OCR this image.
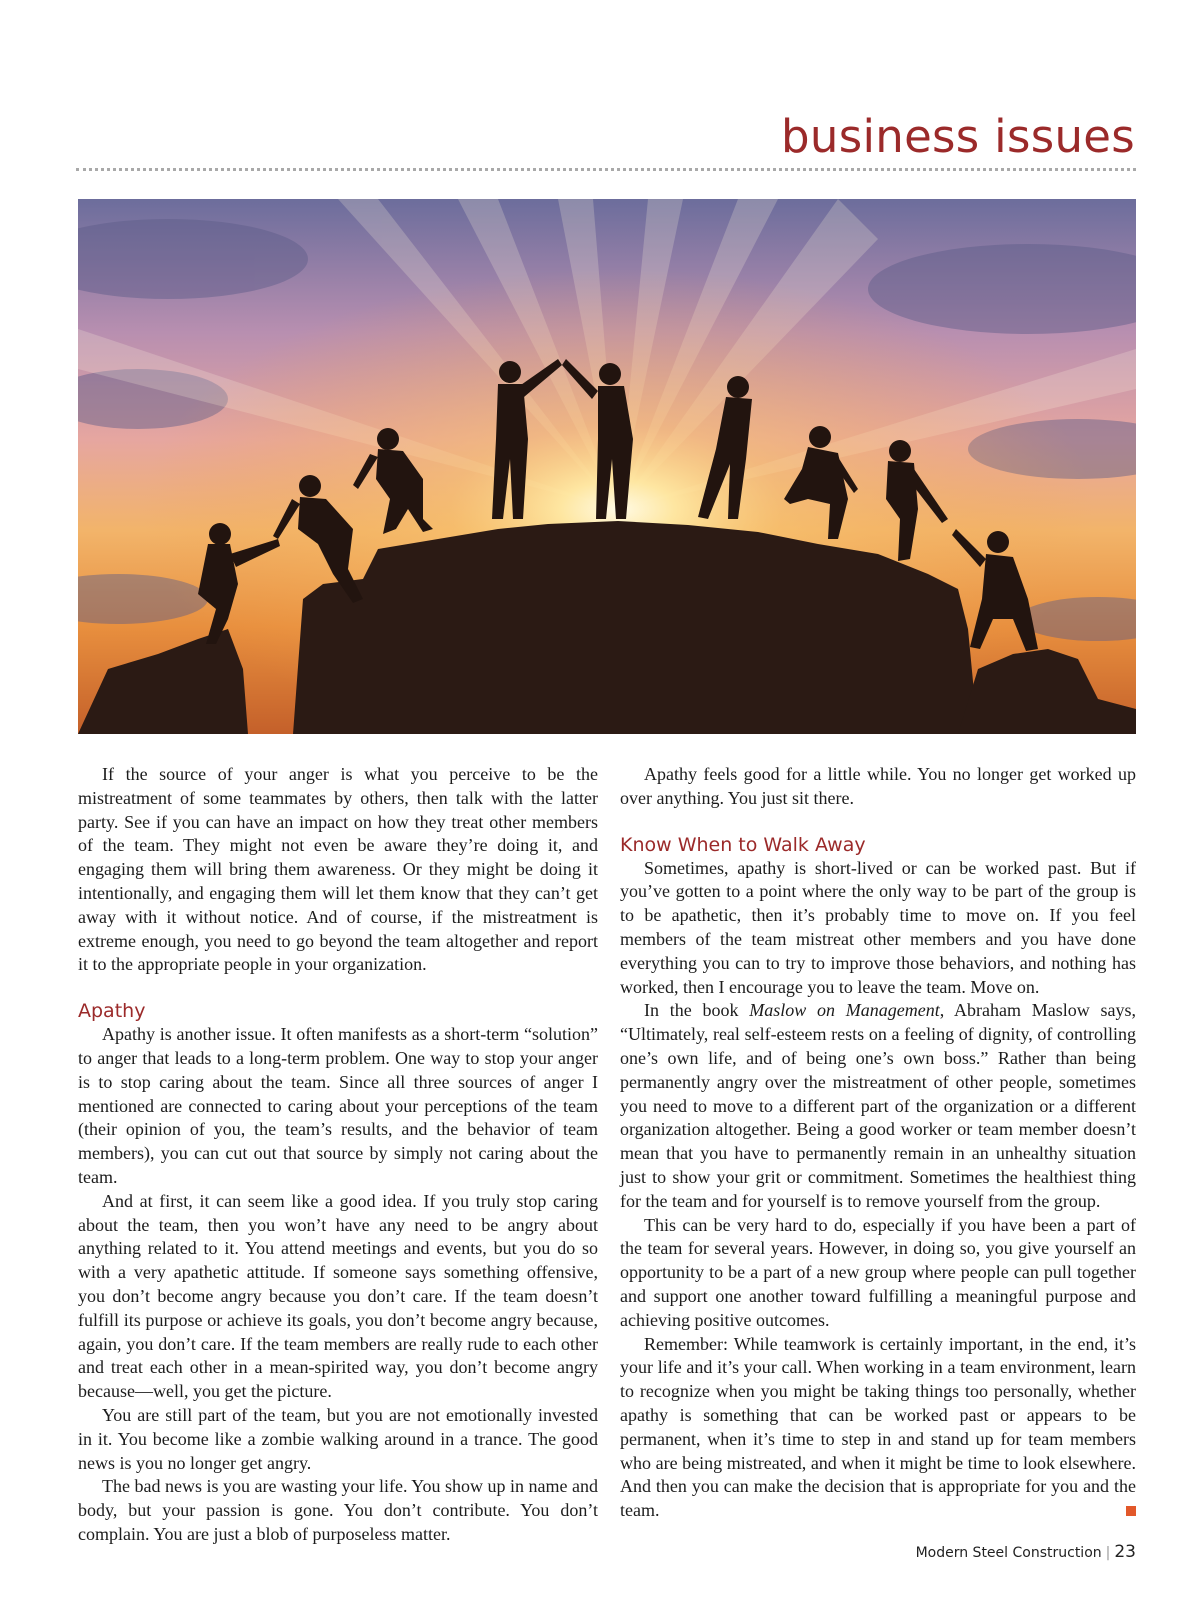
business issues

If the source of your anger is what you perceive to be the mistreatment of some teammates by others, then talk with the latter party. See if you can have an impact on how they treat other members of the team. They might not even be aware they’re doing it, and engaging them will bring them awareness. Or they might be doing it intentionally, and engaging them will let them know that they can’t get away with it without notice. And of course, if the mistreatment is extreme enough, you need to go beyond the team altogether and report it to the appropriate people in your organization.

Apathy

Apathy is another issue. It often manifests as a short-term “solution” to anger that leads to a long-term problem. One way to stop your anger is to stop caring about the team. Since all three sources of anger I mentioned are connected to caring about your perceptions of the team (their opinion of you, the team’s results, and the behavior of team members), you can cut out that source by simply not caring about the team.

And at first, it can seem like a good idea. If you truly stop caring about the team, then you won’t have any need to be angry about anything related to it. You attend meetings and events, but you do so with a very apathetic attitude. If someone says something offensive, you don’t become angry because you don’t care. If the team doesn’t fulfill its purpose or achieve its goals, you don’t become angry because, again, you don’t care. If the team members are really rude to each other and treat each other in a mean-spirited way, you don’t become angry because—well, you get the picture.

You are still part of the team, but you are not emotionally invested in it. You become like a zombie walking around in a trance. The good news is you no longer get angry.

The bad news is you are wasting your life. You show up in name and body, but your passion is gone. You don’t contribute. You don’t complain. You are just a blob of purposeless matter.

Apathy feels good for a little while. You no longer get worked up over anything. You just sit there.

Know When to Walk Away

Sometimes, apathy is short-lived or can be worked past. But if you’ve gotten to a point where the only way to be part of the group is to be apathetic, then it’s probably time to move on. If you feel members of the team mistreat other members and you have done everything you can to try to improve those behaviors, and nothing has worked, then I encourage you to leave the team. Move on.

In the book Maslow on Management, Abraham Maslow says, “Ultimately, real self-esteem rests on a feeling of dignity, of controlling one’s own life, and of being one’s own boss.” Rather than being permanently angry over the mistreatment of other people, sometimes you need to move to a different part of the organization or a different organization altogether. Being a good worker or team member doesn’t mean that you have to permanently remain in an unhealthy situation just to show your grit or commitment. Sometimes the healthiest thing for the team and for yourself is to remove yourself from the group.

This can be very hard to do, especially if you have been a part of the team for several years. However, in doing so, you give yourself an opportunity to be a part of a new group where people can pull together and support one another toward fulfilling a meaningful purpose and achieving positive outcomes.

Remember: While teamwork is certainly important, in the end, it’s your life and it’s your call. When working in a team environment, learn to recognize when you might be taking things too personally, whether apathy is something that can be worked past or appears to be permanent, when it’s time to step in and stand up for team members who are being mistreated, and when it might be time to look elsewhere. And then you can make the decision that is appropriate for you and the team.

Modern Steel Construction | 23
